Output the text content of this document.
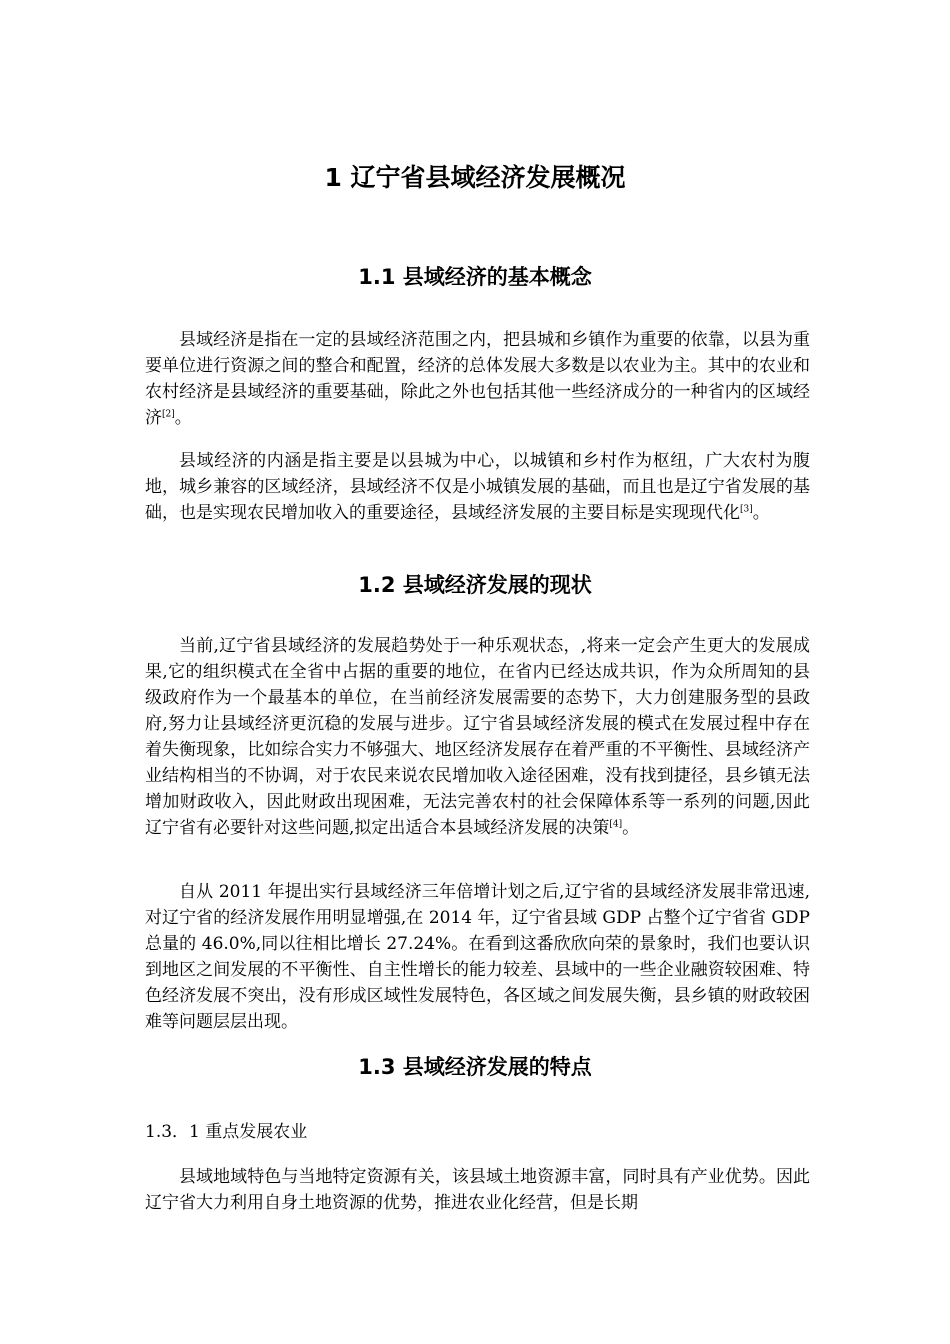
1 辽宁省县域经济发展概况
1.1 县域经济的基本概念
县域经济是指在一定的县域经济范围之内，把县城和乡镇作为重要的依靠，以县为重要单位进行资源之间的整合和配置，经济的总体发展大多数是以农业为主。其中的农业和农村经济是县域经济的重要基础，除此之外也包括其他一些经济成分的一种省内的区域经济[2]。
县域经济的内涵是指主要是以县城为中心，以城镇和乡村作为枢纽，广大农村为腹地，城乡兼容的区域经济，县域经济不仅是小城镇发展的基础，而且也是辽宁省发展的基础，也是实现农民增加收入的重要途径，县域经济发展的主要目标是实现现代化[3]。
1.2 县域经济发展的现状
当前,辽宁省县域经济的发展趋势处于一种乐观状态，,将来一定会产生更大的发展成果,它的组织模式在全省中占据的重要的地位，在省内已经达成共识，作为众所周知的县级政府作为一个最基本的单位，在当前经济发展需要的态势下，大力创建服务型的县政府,努力让县域经济更沉稳的发展与进步。辽宁省县域经济发展的模式在发展过程中存在着失衡现象，比如综合实力不够强大、地区经济发展存在着严重的不平衡性、县域经济产业结构相当的不协调，对于农民来说农民增加收入途径困难，没有找到捷径，县乡镇无法增加财政收入，因此财政出现困难，无法完善农村的社会保障体系等一系列的问题,因此辽宁省有必要针对这些问题,拟定出适合本县域经济发展的决策[4]。
自从 2011 年提出实行县域经济三年倍增计划之后,辽宁省的县域经济发展非常迅速,对辽宁省的经济发展作用明显增强,在 2014 年，辽宁省县域 GDP 占整个辽宁省省 GDP 总量的 46.0%,同以往相比增长 27.24%。在看到这番欣欣向荣的景象时，我们也要认识到地区之间发展的不平衡性、自主性增长的能力较差、县域中的一些企业融资较困难、特色经济发展不突出，没有形成区域性发展特色，各区域之间发展失衡，县乡镇的财政较困难等问题层层出现。
1.3 县域经济发展的特点
1.3．1 重点发展农业
县域地域特色与当地特定资源有关，该县域土地资源丰富，同时具有产业优势。因此辽宁省大力利用自身土地资源的优势，推进农业化经营，但是长期
